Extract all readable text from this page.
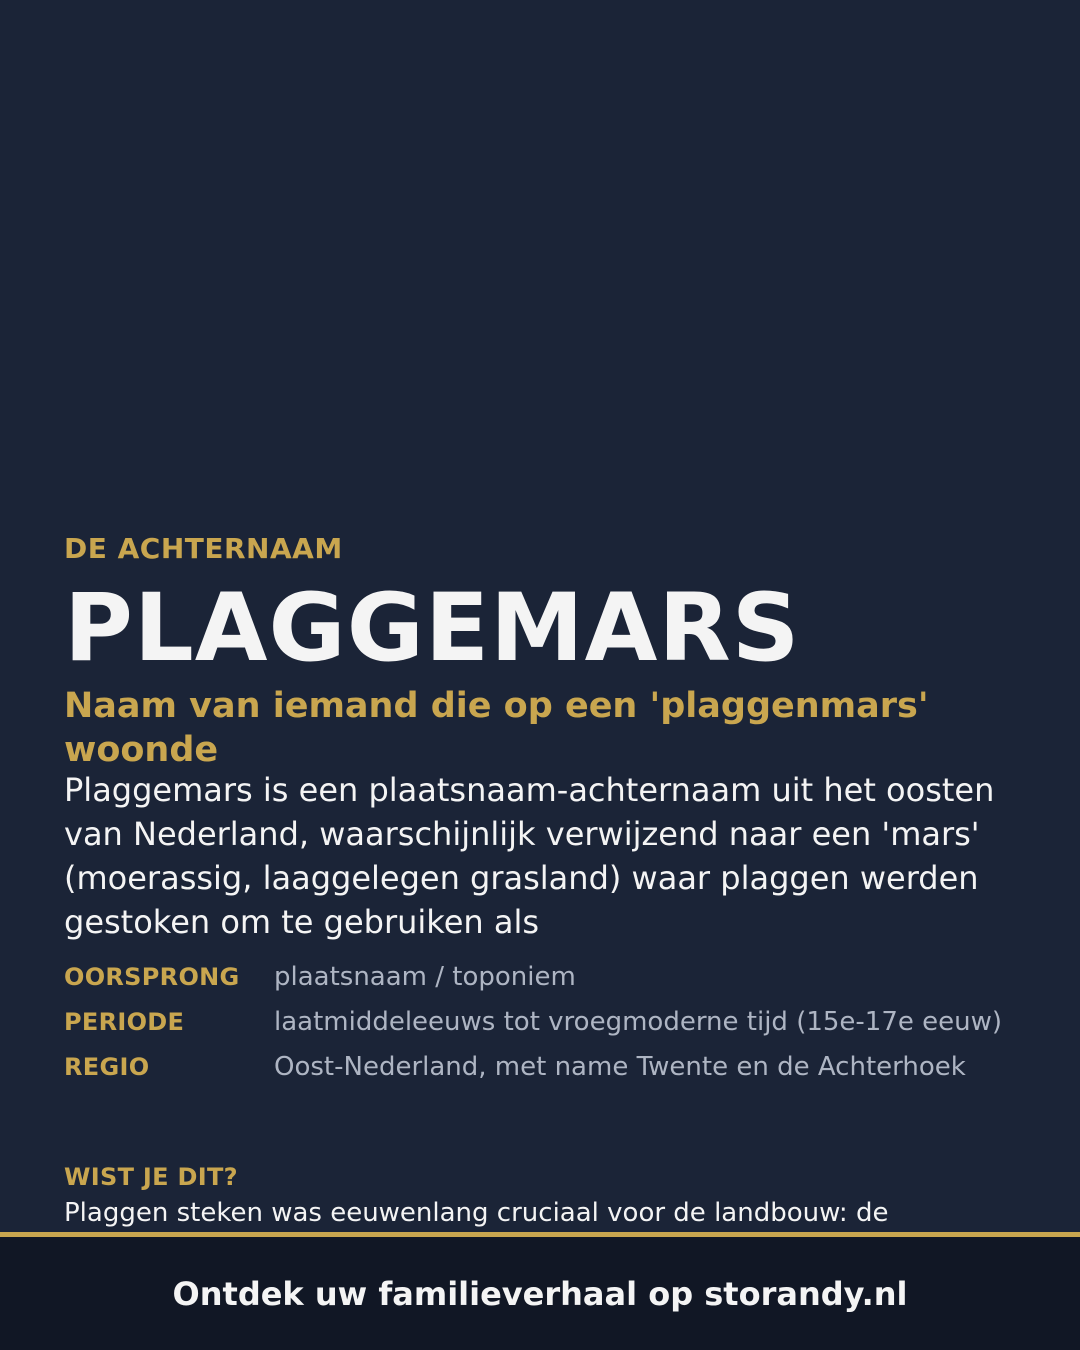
DE ACHTERNAAM
PLAGGEMARS
Naam van iemand die op een 'plaggenmars' woonde
Plaggemars is een plaatsnaam-achternaam uit het oosten van Nederland, waarschijnlijk verwijzend naar een 'mars' (moerassig, laaggelegen grasland) waar plaggen werden gestoken om te gebruiken als
OORSPRONG	plaatsnaam / toponiem
PERIODE	laatmiddeleeuws tot vroegmoderne tijd (15e-17e eeuw)
REGIO	Oost-Nederland, met name Twente en de Achterhoek
WIST JE DIT?
Plaggen steken was eeuwenlang cruciaal voor de landbouw: de
Ontdek uw familieverhaal op storandy.nl
